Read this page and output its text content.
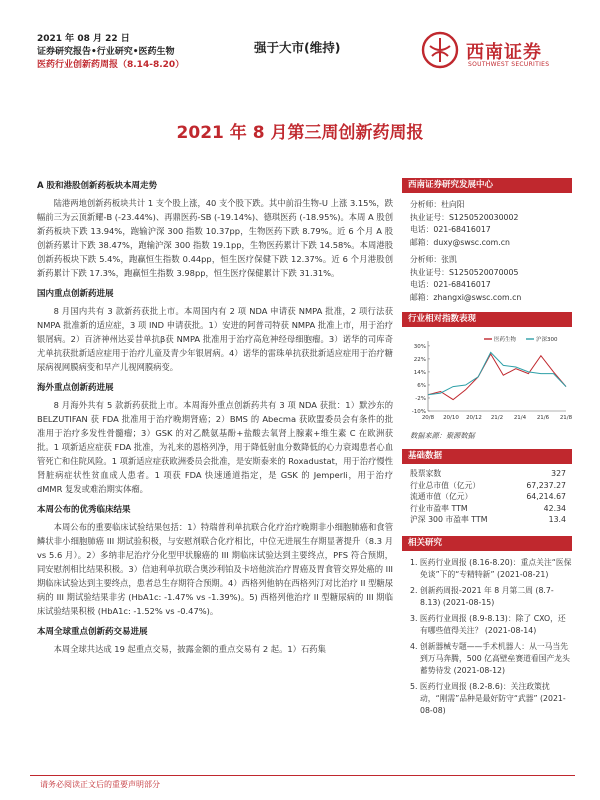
2021 年 08 月 22 日
证券研究报告•行业研究•医药生物
医药行业创新药周报（8.14-8.20）
强于大市(维持)	西南证券
SOUTHWEST SECURITIES
2021 年 8 月第三周创新药周报
A 股和港股创新药板块本周走势

陆港两地创新药板块共计 1 支个股上涨，40 支个股下跌。其中前沿生物-U 上涨 3.15%，跌幅前三为云顶新耀-B (-23.44%)、再鼎医药-SB (-19.14%)、德琪医药 (-18.95%)。本周 A 股创新药板块下跌 13.94%，跑输沪深 300 指数 10.37pp，生物医药下跌 8.79%。近 6 个月 A 股创新药累计下跌 38.47%，跑输沪深 300 指数 19.1pp，生物医药累计下跌 14.58%。本周港股创新药板块下跌 5.4%，跑赢恒生指数 0.44pp，恒生医疗保健下跌 12.37%。近 6 个月港股创新药累计下跌 17.3%，跑赢恒生指数 3.98pp，恒生医疗保健累计下跌 31.31%。

国内重点创新药进展

8 月国内共有 3 款新药获批上市。本周国内有 2 项 NDA 申请获 NMPA 批准，2 项行法获 NMPA 批准新的适应症，3 项 IND 申请获批。1）安进的阿普司特获 NMPA 批准上市，用于治疗银屑病。2）百济神州达妥昔单抗β获 NMPA 批准用于治疗高危神经母细胞瘤。3）诺华的司库奇尤单抗获批新适应症用于治疗儿童及青少年银屑病。4）诺华的雷珠单抗获批新适应症用于治疗糖尿病视网膜病变和早产儿视网膜病变。

海外重点创新药进展

8 月海外共有 5 款新药获批上市。本周海外重点创新药共有 3 项 NDA 获批：1）默沙东的 BELZUTIFAN 获 FDA 批准用于治疗晚期肾癌；2）BMS 的 Abecma 获欧盟委员会有条件的批准用于治疗多发性骨髓瘤；3）GSK 的对乙酰氨基酚+盐酸去氧肾上腺素+维生素 C 在欧洲获批。1 项新适应症获 FDA 批准，为礼来的恩格列净，用于降低射血分数降低的心力衰竭患者心血管死亡和住院风险。1 项新适应症获欧洲委员会批准，是安斯泰来的 Roxadustat，用于治疗慢性肾脏病症状性贫血成人患者。1 项获 FDA 快速通道指定，是 GSK 的 Jemperli，用于治疗 dMMR 复发或难治期实体瘤。

本周公布的优秀临床结果

本周公布的重要临床试验结果包括：1）特瑞普利单抗联合化疗治疗晚期非小细胞肺癌和食管鳞状非小细胞肺癌 III 期试验积极，与安慰剂联合化疗相比，中位无进展生存期显著提升（8.3 月 vs 5.6 月）。2）多纳非尼治疗分化型甲状腺癌的 III 期临床试验达到主要终点，PFS 符合预期，同安慰剂相比结果积极。3）信迪利单抗联合奥沙利铂及卡培他滨治疗胃癌及胃食管交界处癌的 III 期临床试验达到主要终点，患者总生存期符合预期。4）西格列他钠在西格列汀对比治疗 II 型糖尿病的 III 期试验结果非劣 (HbA1c: -1.47% vs -1.39%)。5) 西格列他治疗 II 型糖尿病的 III 期临床试验结果积极 (HbA1c: -1.52% vs -0.47%)。

本周全球重点创新药交易进展

本周全球共达成 19 起重点交易，披露金额的重点交易有 2 起。1）石药集

西南证券研究发展中心
分析师：杜向阳
执业证号：S1250520030002
电话：021-68416017
邮箱：duxy@swsc.com.cn
分析师：张凯
执业证号：S1250520070005
电话：021-68416017
邮箱：zhangxi@swsc.com.cn
行业相对指数表现
-10%
-2%
6%
14%
22%
30%
20/8 20/10 20/12 21/2 21/4 21/6 21/8
医药生物	沪深300
数据来源：聚源数据
基础数据
股票家数	327
行业总市值（亿元）	67,237.27
流通市值（亿元）	64,214.67
行业市盈率 TTM	42.34
沪深 300 市盈率 TTM	13.4
相关研究
1. 医药行业周报 (8.16-8.20)：重点关注“医保免谈”下的“专精特新” (2021-08-21)
2. 创新药周报-2021 年 8 月第二周 (8.7-8.13) (2021-08-15)
3. 医药行业周报 (8.9-8.13)：除了 CXO，还有哪些值得关注？ (2021-08-14)
4. 创新器械专题——手术机器人：从一马当先到万马奔腾，500 亿高壁垒赛道看国产龙头蓄势待发 (2021-08-12)
5. 医药行业周报 (8.2-8.6)：关注政策扰动，“刚需”品种是最好防守“武器” (2021-08-08)
请务必阅读正文后的重要声明部分
